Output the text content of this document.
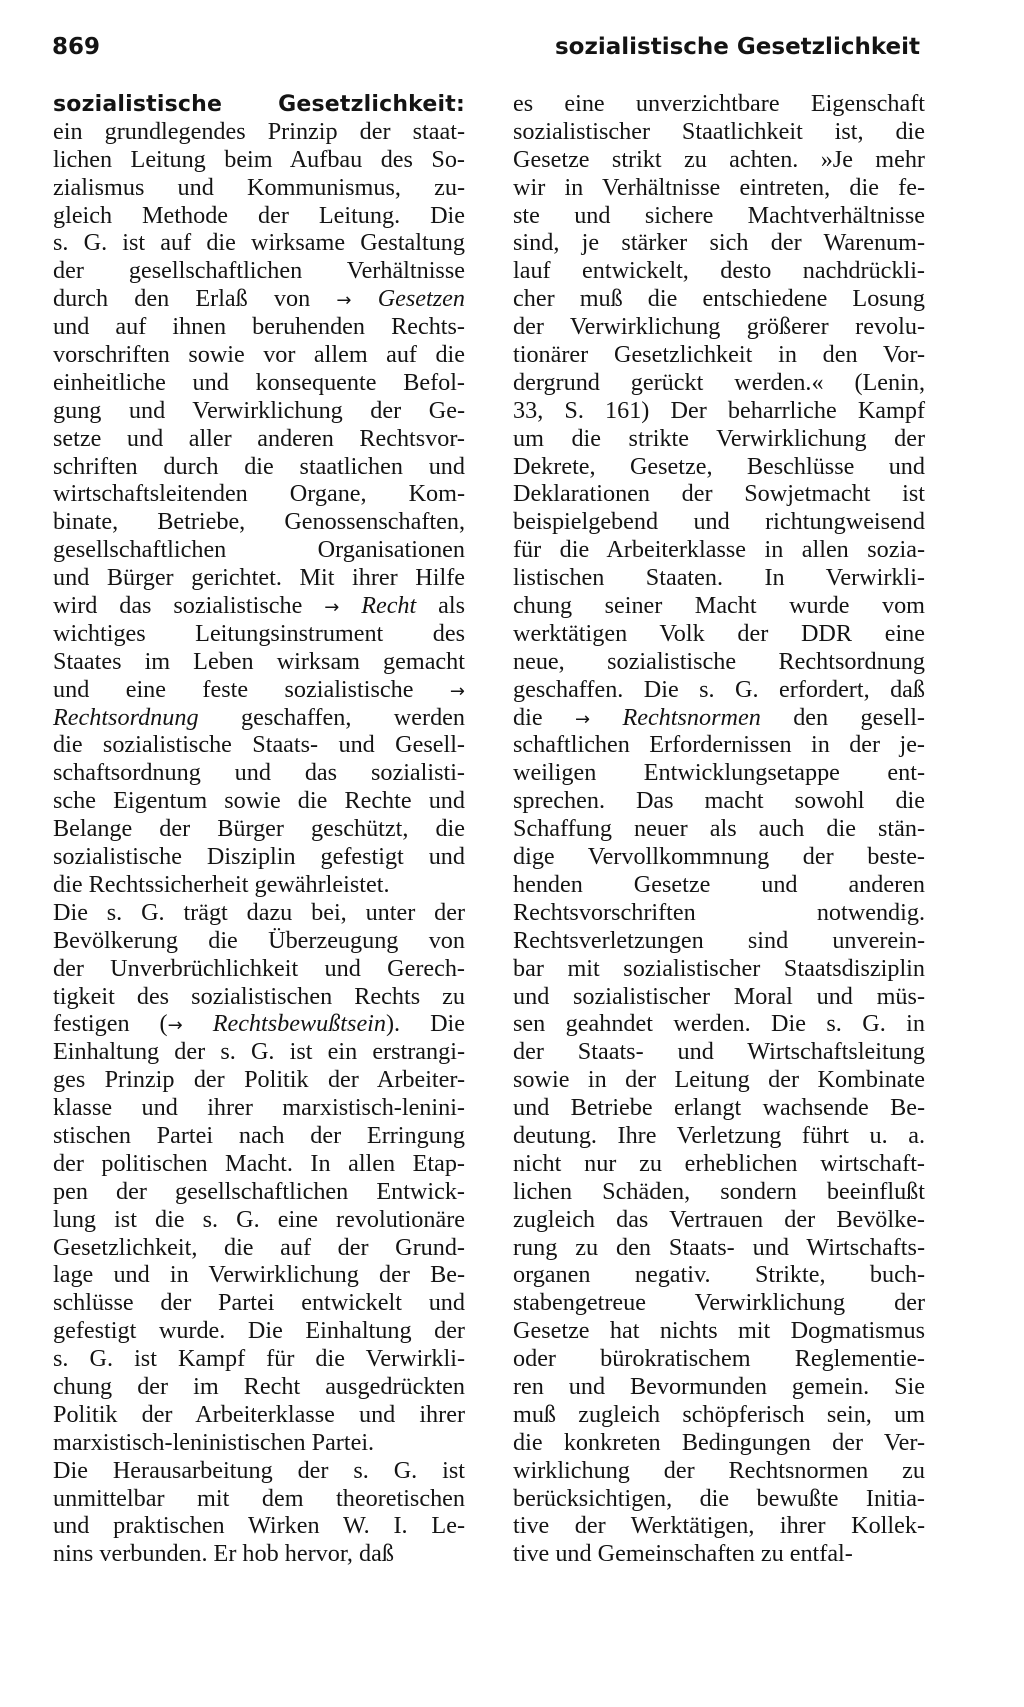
869	sozialistische Gesetzlichkeit
sozialistische Gesetzlichkeit:
ein grundlegendes Prinzip der staat-
lichen Leitung beim Aufbau des So-
zialismus und Kommunismus, zu-
gleich Methode der Leitung. Die
s. G. ist auf die wirksame Gestaltung
der gesellschaftlichen Verhältnisse
durch den Erlaß von → Gesetzen
und auf ihnen beruhenden Rechts-
vorschriften sowie vor allem auf die
einheitliche und konsequente Befol-
gung und Verwirklichung der Ge-
setze und aller anderen Rechtsvor-
schriften durch die staatlichen und
wirtschaftsleitenden Organe, Kom-
binate, Betriebe, Genossenschaften,
gesellschaftlichen Organisationen
und Bürger gerichtet. Mit ihrer Hilfe
wird das sozialistische → Recht als
wichtiges Leitungsinstrument des
Staates im Leben wirksam gemacht
und eine feste sozialistische →
Rechtsordnung geschaffen, werden
die sozialistische Staats- und Gesell-
schaftsordnung und das sozialisti-
sche Eigentum sowie die Rechte und
Belange der Bürger geschützt, die
sozialistische Disziplin gefestigt und
die Rechtssicherheit gewährleistet.
Die s. G. trägt dazu bei, unter der
Bevölkerung die Überzeugung von
der Unverbrüchlichkeit und Gerech-
tigkeit des sozialistischen Rechts zu
festigen (→ Rechtsbewußtsein). Die
Einhaltung der s. G. ist ein erstrangi-
ges Prinzip der Politik der Arbeiter-
klasse und ihrer marxistisch-lenini-
stischen Partei nach der Erringung
der politischen Macht. In allen Etap-
pen der gesellschaftlichen Entwick-
lung ist die s. G. eine revolutionäre
Gesetzlichkeit, die auf der Grund-
lage und in Verwirklichung der Be-
schlüsse der Partei entwickelt und
gefestigt wurde. Die Einhaltung der
s. G. ist Kampf für die Verwirkli-
chung der im Recht ausgedrückten
Politik der Arbeiterklasse und ihrer
marxistisch-leninistischen Partei.
Die Herausarbeitung der s. G. ist
unmittelbar mit dem theoretischen
und praktischen Wirken W. I. Le-
nins verbunden. Er hob hervor, daß
es eine unverzichtbare Eigenschaft
sozialistischer Staatlichkeit ist, die
Gesetze strikt zu achten. »Je mehr
wir in Verhältnisse eintreten, die fe-
ste und sichere Machtverhältnisse
sind, je stärker sich der Warenum-
lauf entwickelt, desto nachdrückli-
cher muß die entschiedene Losung
der Verwirklichung größerer revolu-
tionärer Gesetzlichkeit in den Vor-
dergrund gerückt werden.« (Lenin,
33, S. 161) Der beharrliche Kampf
um die strikte Verwirklichung der
Dekrete, Gesetze, Beschlüsse und
Deklarationen der Sowjetmacht ist
beispielgebend und richtungweisend
für die Arbeiterklasse in allen sozia-
listischen Staaten. In Verwirkli-
chung seiner Macht wurde vom
werktätigen Volk der DDR eine
neue, sozialistische Rechtsordnung
geschaffen. Die s. G. erfordert, daß
die → Rechtsnormen den gesell-
schaftlichen Erfordernissen in der je-
weiligen Entwicklungsetappe ent-
sprechen. Das macht sowohl die
Schaffung neuer als auch die stän-
dige Vervollkommnung der beste-
henden Gesetze und anderen
Rechtsvorschriften notwendig.
Rechtsverletzungen sind unverein-
bar mit sozialistischer Staatsdisziplin
und sozialistischer Moral und müs-
sen geahndet werden. Die s. G. in
der Staats- und Wirtschaftsleitung
sowie in der Leitung der Kombinate
und Betriebe erlangt wachsende Be-
deutung. Ihre Verletzung führt u. a.
nicht nur zu erheblichen wirtschaft-
lichen Schäden, sondern beeinflußt
zugleich das Vertrauen der Bevölke-
rung zu den Staats- und Wirtschafts-
organen negativ. Strikte, buch-
stabengetreue Verwirklichung der
Gesetze hat nichts mit Dogmatismus
oder bürokratischem Reglementie-
ren und Bevormunden gemein. Sie
muß zugleich schöpferisch sein, um
die konkreten Bedingungen der Ver-
wirklichung der Rechtsnormen zu
berücksichtigen, die bewußte Initia-
tive der Werktätigen, ihrer Kollek-
tive und Gemeinschaften zu entfal-
